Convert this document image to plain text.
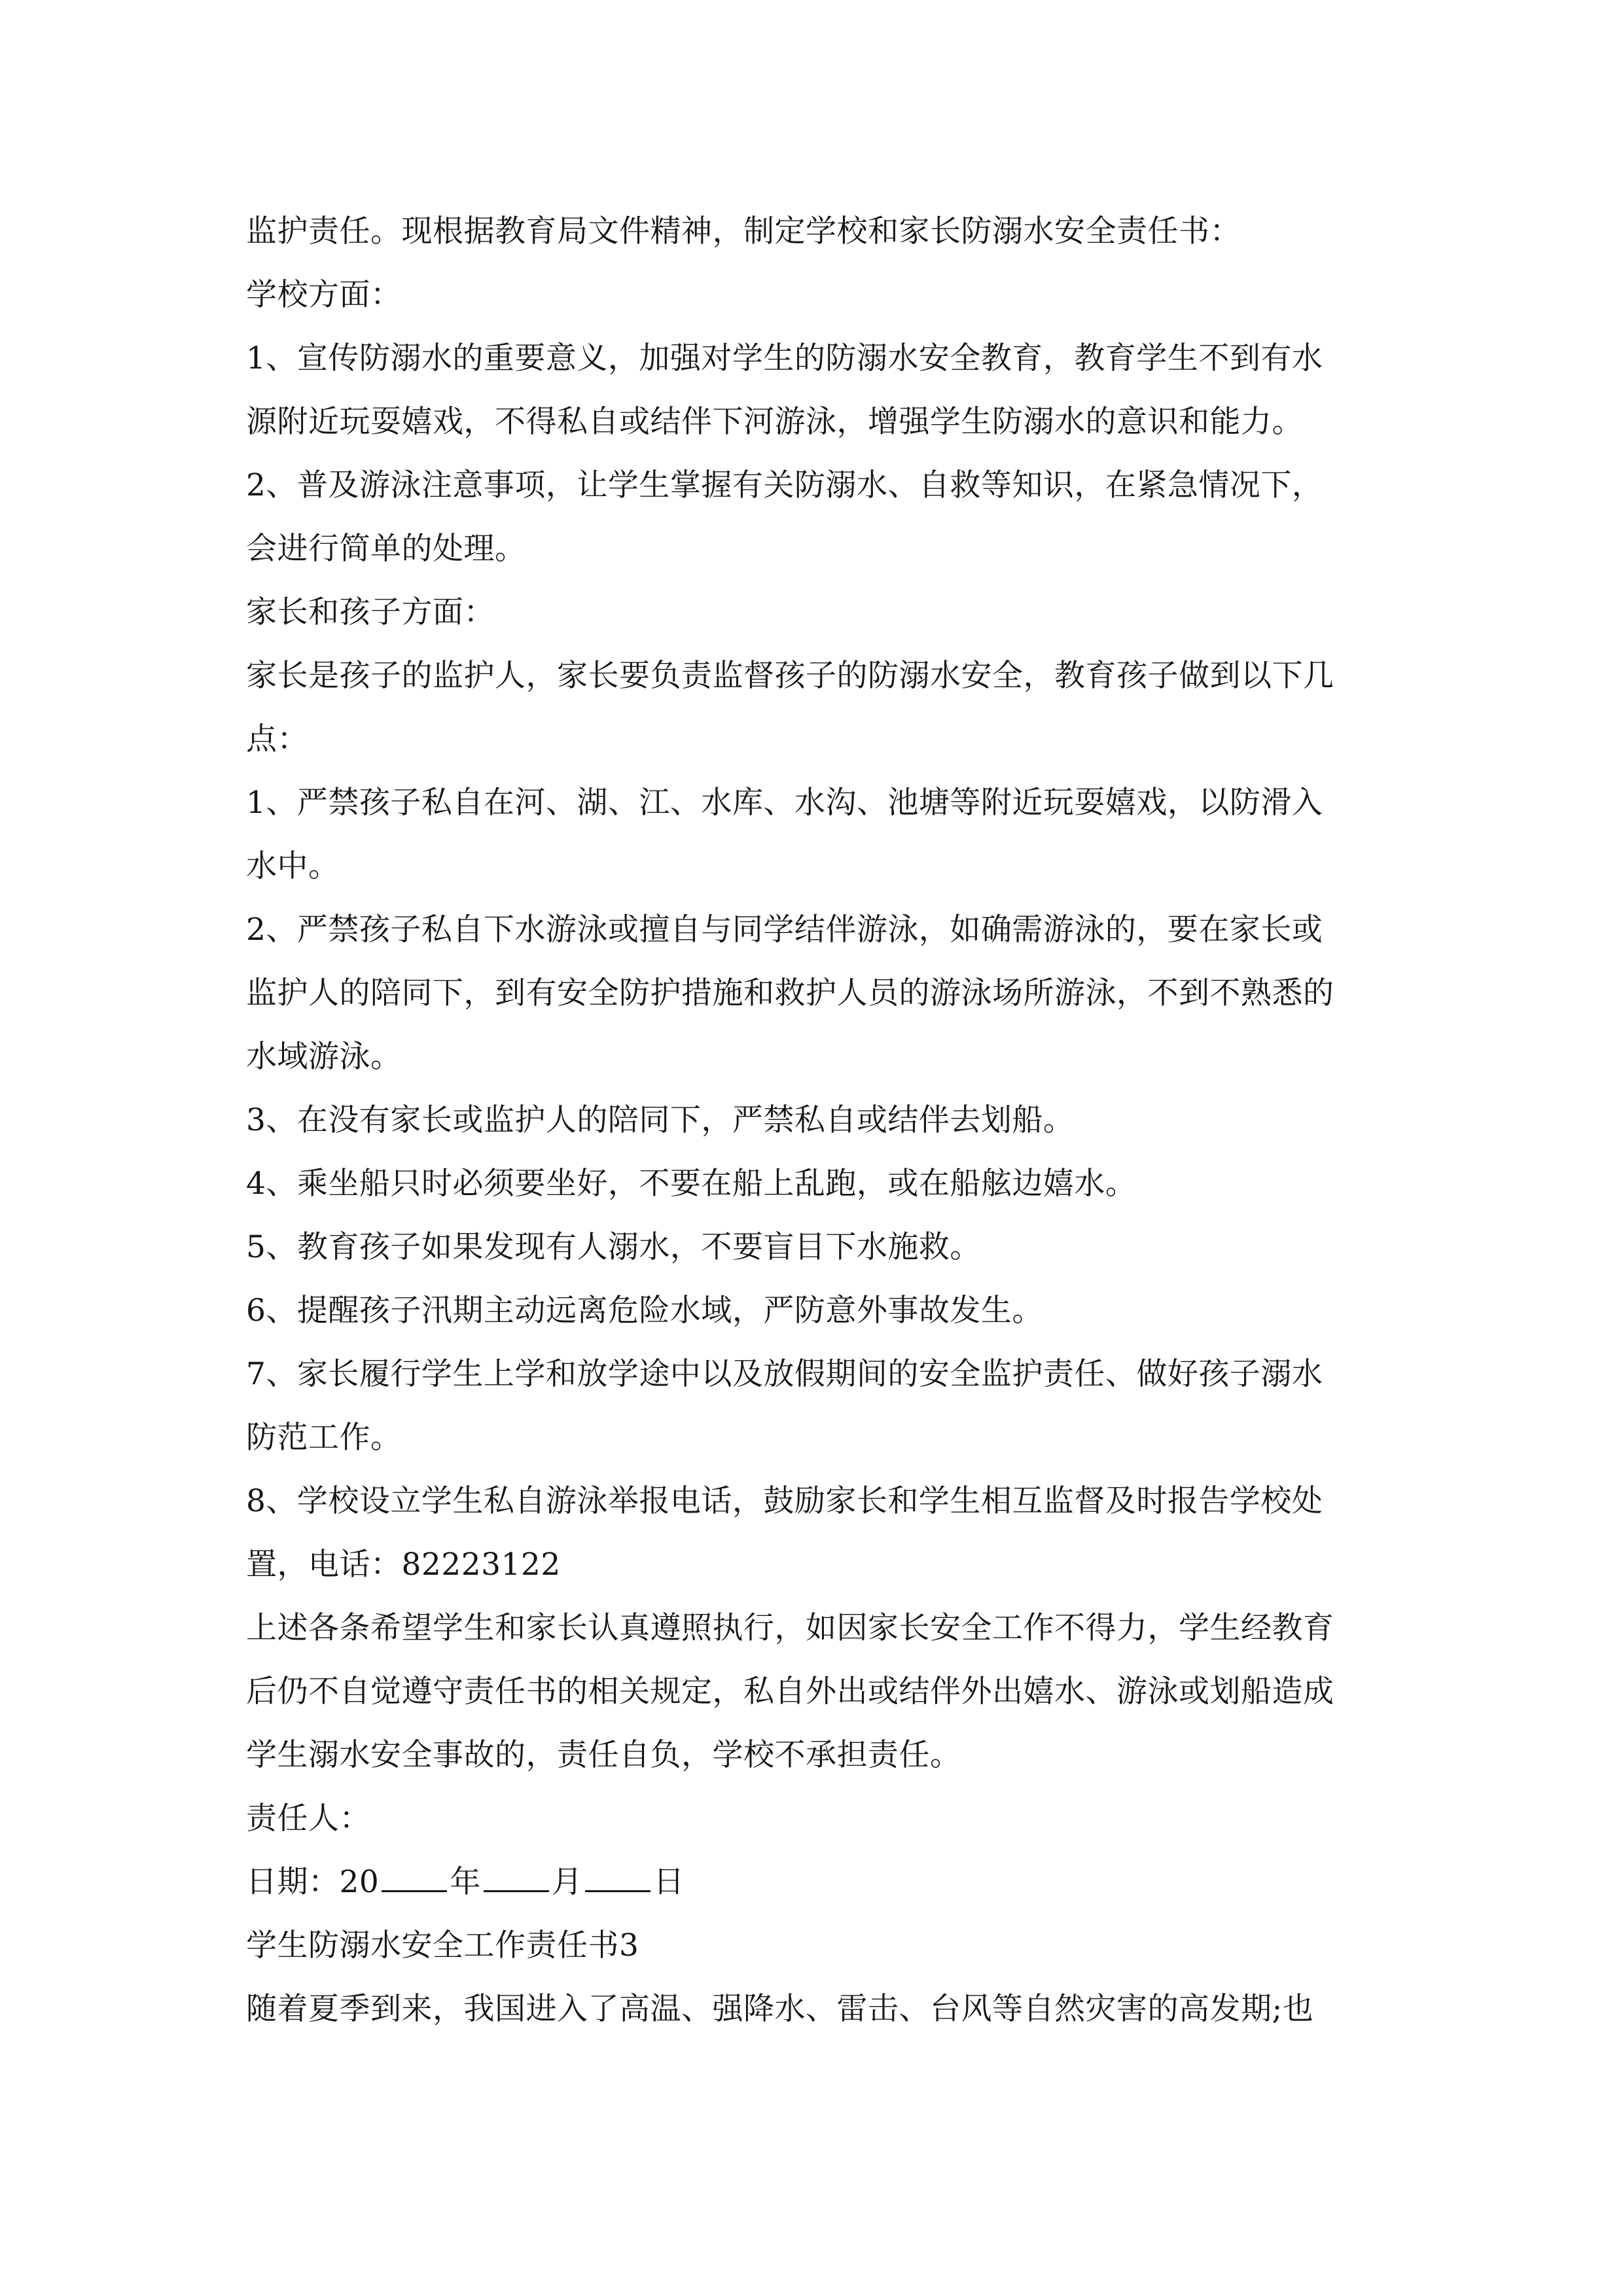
监护责任。现根据教育局文件精神，制定学校和家长防溺水安全责任书：
学校方面：
1、宣传防溺水的重要意义，加强对学生的防溺水安全教育，教育学生不到有水
源附近玩耍嬉戏，不得私自或结伴下河游泳，增强学生防溺水的意识和能力。
2、普及游泳注意事项，让学生掌握有关防溺水、自救等知识，在紧急情况下，
会进行简单的处理。
家长和孩子方面：
家长是孩子的监护人，家长要负责监督孩子的防溺水安全，教育孩子做到以下几
点：
1、严禁孩子私自在河、湖、江、水库、水沟、池塘等附近玩耍嬉戏，以防滑入
水中。
2、严禁孩子私自下水游泳或擅自与同学结伴游泳，如确需游泳的，要在家长或
监护人的陪同下，到有安全防护措施和救护人员的游泳场所游泳，不到不熟悉的
水域游泳。
3、在没有家长或监护人的陪同下，严禁私自或结伴去划船。
4、乘坐船只时必须要坐好，不要在船上乱跑，或在船舷边嬉水。
5、教育孩子如果发现有人溺水，不要盲目下水施救。
6、提醒孩子汛期主动远离危险水域，严防意外事故发生。
7、家长履行学生上学和放学途中以及放假期间的安全监护责任、做好孩子溺水
防范工作。
8、学校设立学生私自游泳举报电话，鼓励家长和学生相互监督及时报告学校处
置，电话：82223122
上述各条希望学生和家长认真遵照执行，如因家长安全工作不得力，学生经教育
后仍不自觉遵守责任书的相关规定，私自外出或结伴外出嬉水、游泳或划船造成
学生溺水安全事故的，责任自负，学校不承担责任。
责任人：
日期：20 年 月 日
学生防溺水安全工作责任书3
随着夏季到来，我国进入了高温、强降水、雷击、台风等自然灾害的高发期;也
